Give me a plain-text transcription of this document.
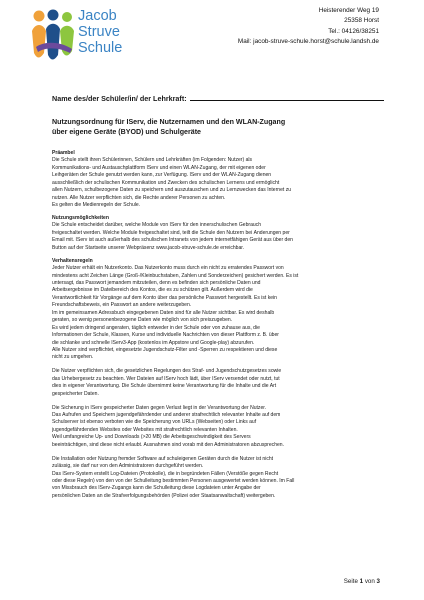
Jacob
Struve
Schule
Heisterender Weg 19
25358 Horst
Tel.: 04126/38251
Mail: jacob-struve-schule.horst@schule.landsh.de
Name des/der Schüler/in/ der Lehrkraft:
Nutzungsordnung für IServ, die Nutzernamen und den WLAN-Zugang
über eigene Geräte (BYOD) und Schulgeräte
Präambel
Die Schule stellt ihren Schülerinnen, Schülern und Lehrkräften (im Folgenden: Nutzer) als
Kommunikations- und Austauschplattform IServ und einen WLAN-Zugang, der mit eigenen oder
Leihgeräten der Schule genutzt werden kann, zur Verfügung. IServ und der WLAN-Zugang dienen
ausschließlich der schulischen Kommunikation und Zwecken des schulischen Lernens und ermöglicht
allen Nutzern, schulbezogene Daten zu speichern und auszutauschen und zu Lernzwecken das Internet zu
nutzen. Alle Nutzer verpflichten sich, die Rechte anderer Personen zu achten.
Es gelten die Medienregeln der Schule.
Nutzungsmöglichkeiten
Die Schule entscheidet darüber, welche Module von IServ für den innerschulischen Gebrauch
freigeschaltet werden. Welche Module freigeschaltet sind, teilt die Schule den Nutzern bei Änderungen per
Email mit. IServ ist auch außerhalb des schulischen Intranets von jedem internetfähigen Gerät aus über den
Button auf der Startseite unserer Webpräsenz www.jacob-struve-schule.de erreichbar.
Verhaltensregeln
Jeder Nutzer erhält ein Nutzerkonto. Das Nutzerkonto muss durch ein nicht zu erratendes Passwort von
mindestens acht Zeichen Länge (Groß-/Kleinbuchstaben, Zahlen und Sonderzeichen) gesichert werden. Es ist
untersagt, das Passwort jemandem mitzuteilen, denn es befinden sich persönliche Daten und
Arbeitsergebnisse im Dateibereich des Kontos, die es zu schützen gilt. Außerdem wird die
Verantwortlichkeit für Vorgänge auf dem Konto über das persönliche Passwort hergestellt. Es ist kein
Freundschaftsbeweis, ein Passwort an andere weiterzugeben.
Im im gemeinsamen Adressbuch eingegebenen Daten sind für alle Nutzer sichtbar. Es wird deshalb
geraten, so wenig personenbezogene Daten wie möglich von sich preiszugeben.
Es wird jedem dringend angeraten, täglich entweder in der Schule oder von zuhause aus, die
Informationen der Schule, Klassen, Kurse und individuelle Nachrichten von dieser Plattform z. B. über
die schlanke und schnelle IServ3-App (kostenlos im Appstore und Google-play) abzurufen.
Alle Nutzer sind verpflichtet, eingesetzte Jugendschutz-Filter und -Sperren zu respektieren und diese
nicht zu umgehen.
Die Nutzer verpflichten sich, die gesetzlichen Regelungen des Straf- und Jugendschutzgesetzes sowie
das Urhebergesetz zu beachten. Wer Dateien auf IServ hoch lädt, über IServ versendet oder nutzt, tut
dies in eigener Verantwortung. Die Schule übernimmt keine Verantwortung für die Inhalte und die Art
gespeicherter Daten.
Die Sicherung in IServ gespeicherter Daten gegen Verlust liegt in der Verantwortung der Nutzer.
Das Aufrufen und Speichern jugendgefährdender und anderer strafrechtlich relevanter Inhalte auf dem
Schulserver ist ebenso verboten wie die Speicherung von URLs (Webseiten) oder Links auf
jugendgefährdenden Websites oder Websites mit strafrechtlich relevanten Inhalten.
Weil umfangreiche Up- und Downloads (>20 MB) die Arbeitsgeschwindigkeit des Servers
beeinträchtigen, sind diese nicht erlaubt. Ausnahmen sind vorab mit den Administratoren abzusprechen.
Die Installation oder Nutzung fremder Software auf schuleigenen Geräten durch die Nutzer ist nicht
zulässig, sie darf nur von den Administratoren durchgeführt werden.
Das IServ-System erstellt Log-Dateien (Protokolle), die in begründeten Fällen (Verstöße gegen Recht
oder diese Regeln) von den von der Schulleitung bestimmten Personen ausgewertet werden können. Im Fall
von Missbrauch des IServ-Zugangs kann die Schulleitung diese Logdateien unter Angabe der
persönlichen Daten an die Strafverfolgungsbehörden (Polizei oder Staatsanwaltschaft) weitergeben.
Seite 1 von 3
